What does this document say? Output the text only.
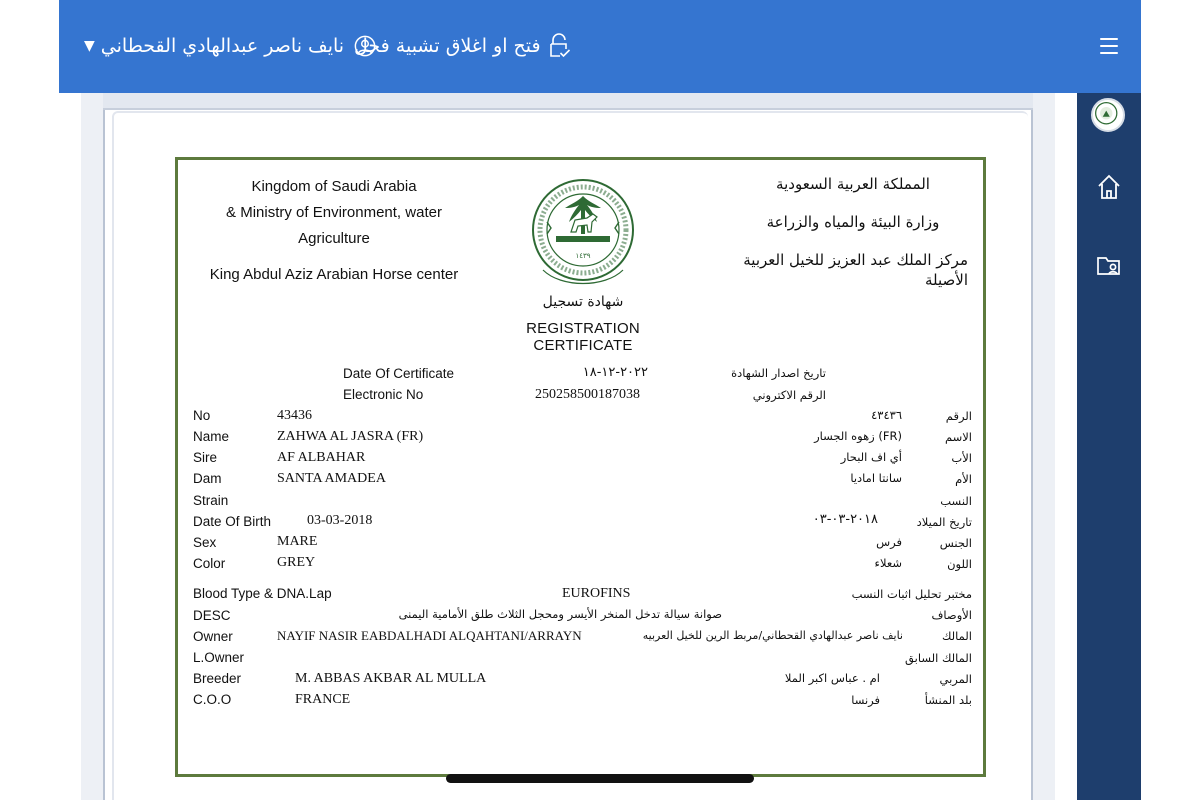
نايف ناصر عبدالهادي القحطاني
▼	فتح او اغلاق تشبية فحل
Kingdom of Saudi Arabia
& Ministry of Environment, water
Agriculture
King Abdul Aziz Arabian Horse center
١٤٣٩
المملكة العربية السعودية
وزارة البيئة والمياه والزراعة
مركز الملك عبد العزيز للخيل العربية الأصيلة
شهادة تسجيل
REGISTRATION CERTIFICATE
Date Of Certificate	٢٠٢٢-١٢-١٨	تاريخ اصدار الشهادة
Electronic No	250258500187038	الرقم الاكتروني
No	43436	٤٣٤٣٦	الرقم
Name	ZAHWA AL JASRA (FR)	(FR) زهوه الجسار	الاسم
Sire	AF ALBAHAR	أي اف البحار	الأب
Dam	SANTA AMADEA	سانتا اماديا	الأم
Strain	النسب
Date Of Birth	03-03-2018	٢٠١٨-٠٣-٠٣	تاريخ الميلاد
Sex	MARE	فرس	الجنس
Color	GREY	شعلاء	اللون
Blood Type & DNA.Lap	EUROFINS	مختبر تحليل اثبات النسب
DESC	صوانة سيالة تدخل المنخر الأيسر ومحجل الثلاث طلق الأمامية اليمنى	الأوصاف
Owner	NAYIF NASIR EABDALHADI ALQAHTANI/ARRAYN	نايف ناصر عبدالهادي القحطاني/مربط الرين للخيل العربيه	المالك
L.Owner	المالك السابق
Breeder	M. ABBAS AKBAR AL MULLA	ام . عباس اكبر الملا	المربي
C.O.O	FRANCE	فرنسا	بلد المنشأ
